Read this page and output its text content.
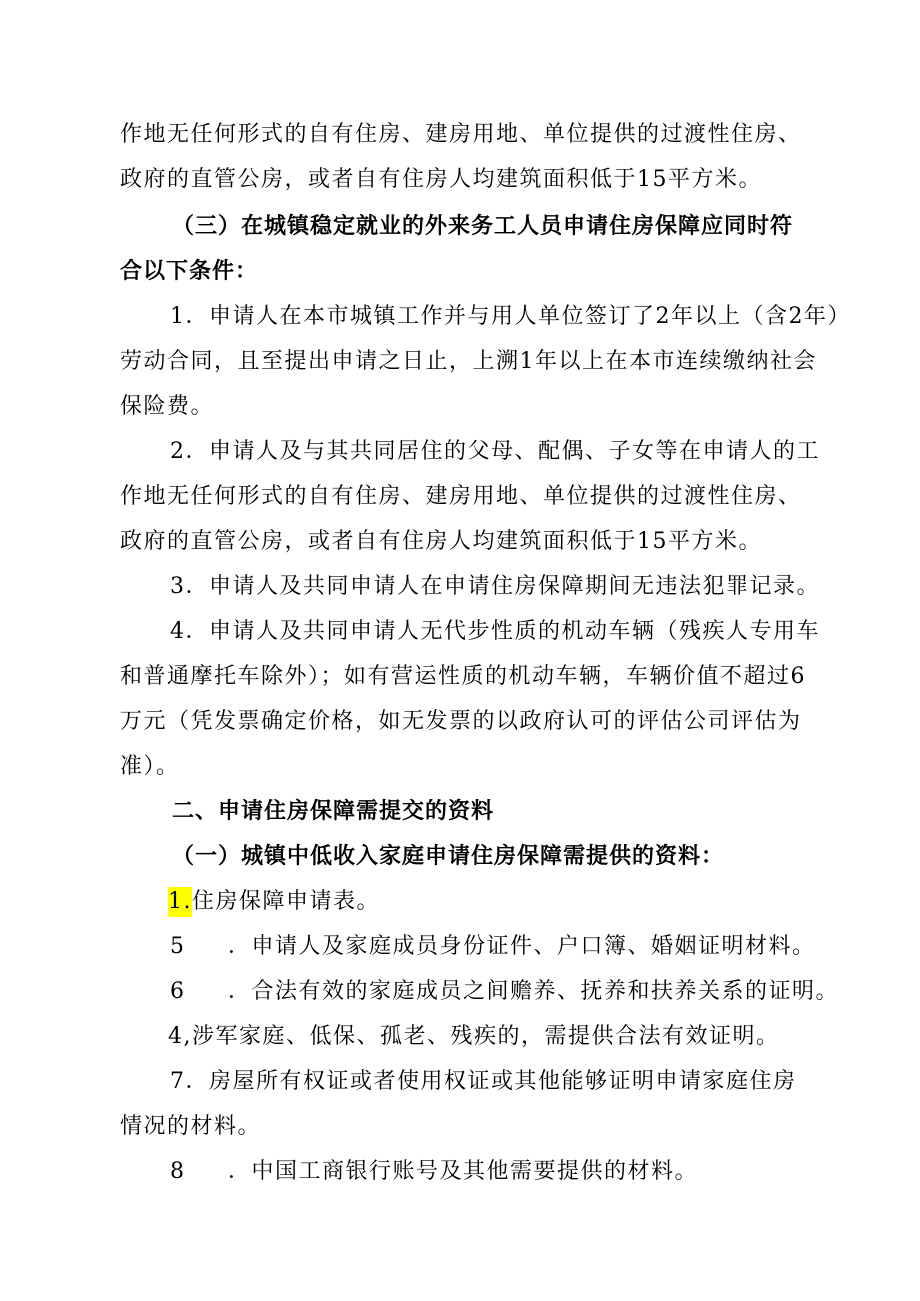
作地无任何形式的自有住房、建房用地、单位提供的过渡性住房、
政府的直管公房，或者自有住房人均建筑面积低于15平方米。
（三）在城镇稳定就业的外来务工人员申请住房保障应同时符
合以下条件：
1．申请人在本市城镇工作并与用人单位签订了2年以上（含2年）
劳动合同，且至提出申请之日止，上溯1年以上在本市连续缴纳社会
保险费。
2．申请人及与其共同居住的父母、配偶、子女等在申请人的工
作地无任何形式的自有住房、建房用地、单位提供的过渡性住房、
政府的直管公房，或者自有住房人均建筑面积低于15平方米。
3．申请人及共同申请人在申请住房保障期间无违法犯罪记录。
4．申请人及共同申请人无代步性质的机动车辆（残疾人专用车
和普通摩托车除外）；如有营运性质的机动车辆，车辆价值不超过6
万元（凭发票确定价格，如无发票的以政府认可的评估公司评估为
准）。
二、申请住房保障需提交的资料
（一）城镇中低收入家庭申请住房保障需提供的资料：
1.住房保障申请表。
5 ．申请人及家庭成员身份证件、户口簿、婚姻证明材料。
6 ．合法有效的家庭成员之间赡养、抚养和扶养关系的证明。
4,涉军家庭、低保、孤老、残疾的，需提供合法有效证明。
7．房屋所有权证或者使用权证或其他能够证明申请家庭住房
情况的材料。
8 ．中国工商银行账号及其他需要提供的材料。
